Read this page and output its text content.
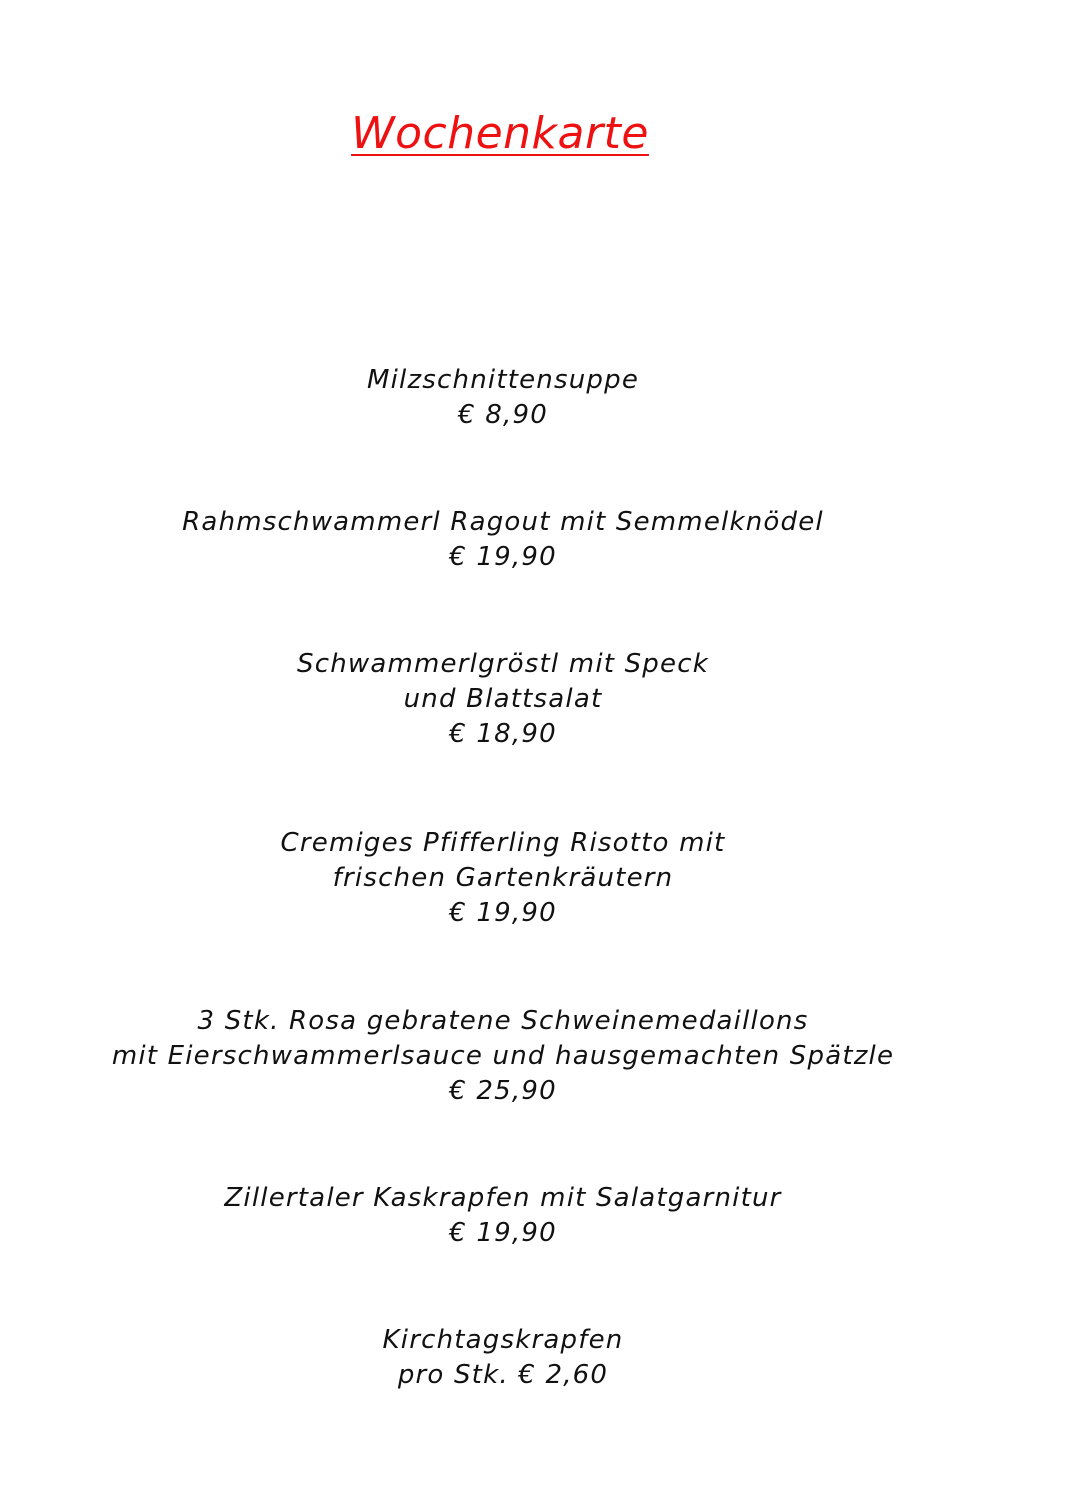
Wochenkarte
Milzschnittensuppe
€ 8,90
Rahmschwammerl Ragout mit Semmelknödel
€ 19,90
Schwammerlgröstl mit Speck
und Blattsalat
€ 18,90
Cremiges Pfifferling Risotto mit
frischen Gartenkräutern
€ 19,90
3 Stk. Rosa gebratene Schweinemedaillons
mit Eierschwammerlsauce und hausgemachten Spätzle
€ 25,90
Zillertaler Kaskrapfen mit Salatgarnitur
€ 19,90
Kirchtagskrapfen
pro Stk. € 2,60
